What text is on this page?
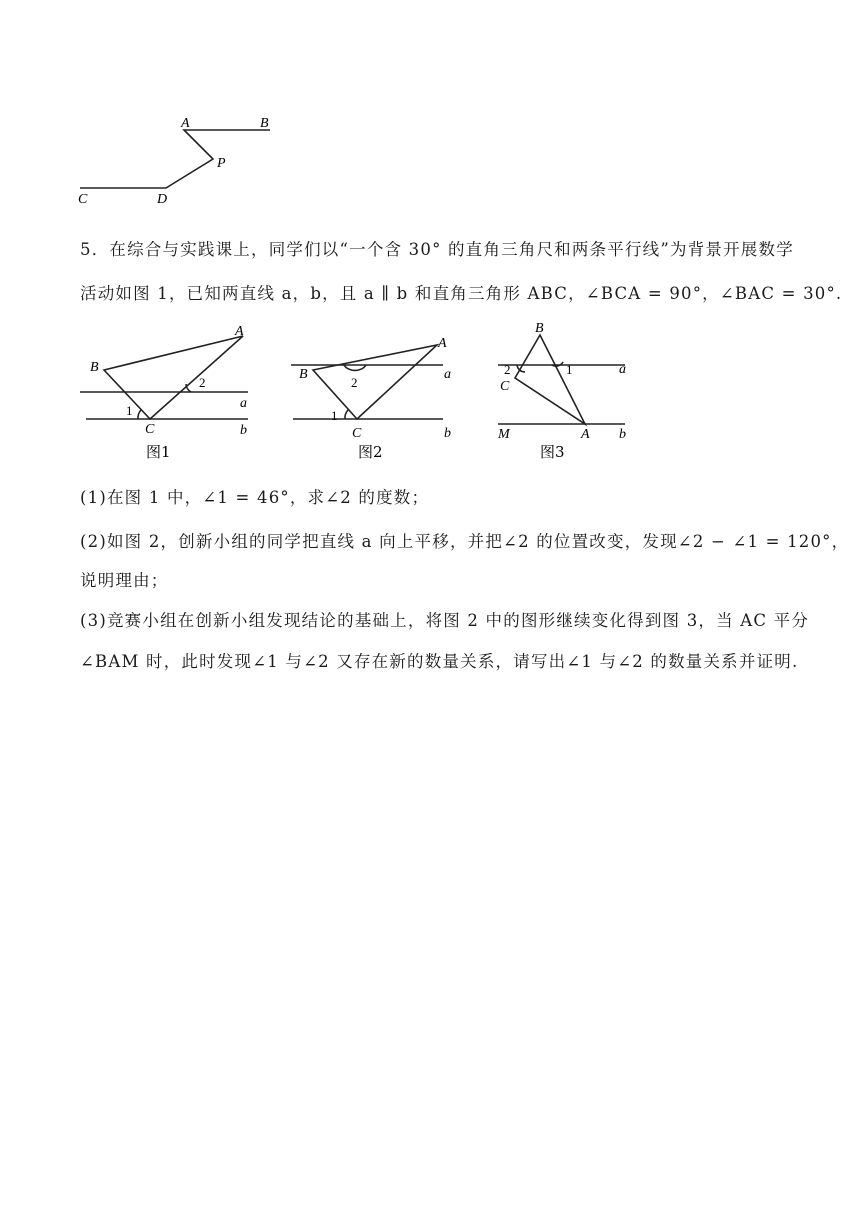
A	B
P
C	D
5．在综合与实践课上，同学们以“一个含 30° 的直角三角尺和两条平行线”为背景开展数学
活动如图 1，已知两直线 a，b，且 a ∥ b 和直角三角形 ABC，∠BCA = 90°，∠BAC = 30°.
A
B
C
a
b
1
2
图1
A
B
C
a
b
1
2
图2
B
C
A
M
a
b
2	1
图3
(1)在图 1 中，∠1 = 46°，求∠2 的度数；
(2)如图 2，创新小组的同学把直线 a 向上平移，并把∠2 的位置改变，发现∠2 − ∠1 = 120°，
说明理由；
(3)竞赛小组在创新小组发现结论的基础上，将图 2 中的图形继续变化得到图 3，当 AC 平分
∠BAM 时，此时发现∠1 与∠2 又存在新的数量关系，请写出∠1 与∠2 的数量关系并证明.
